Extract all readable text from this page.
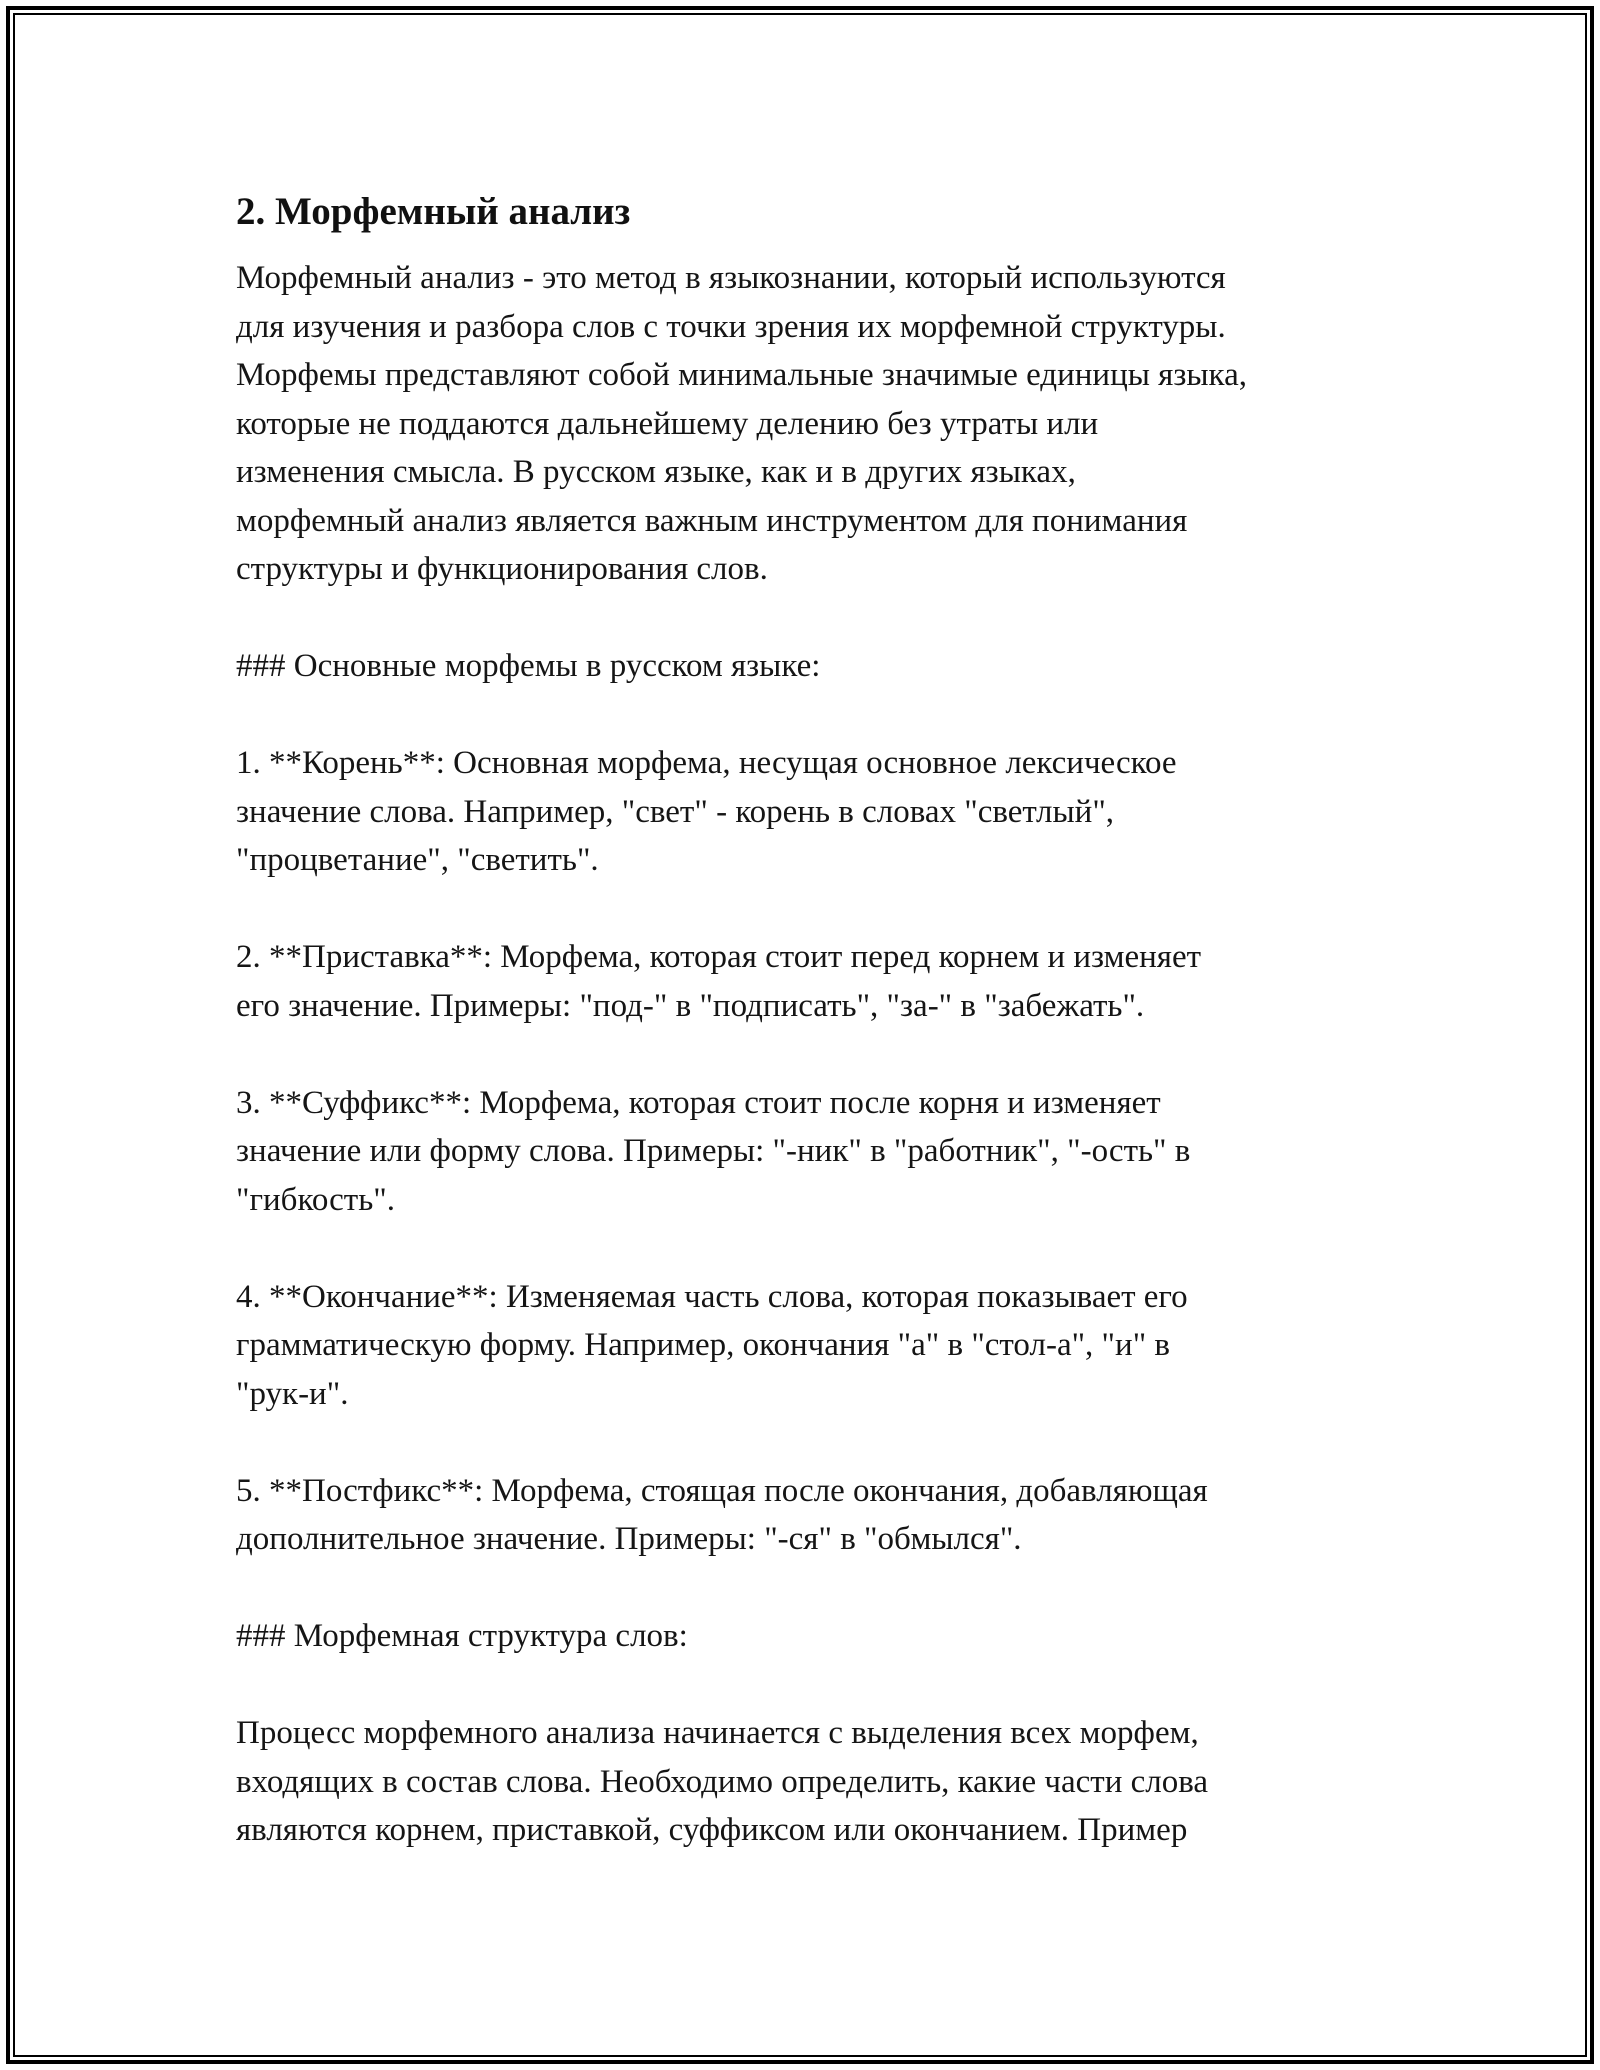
2. Морфемный анализ

Морфемный анализ - это метод в языкознании, который используются
для изучения и разбора слов с точки зрения их морфемной структуры.
Морфемы представляют собой минимальные значимые единицы языка,
которые не поддаются дальнейшему делению без утраты или
изменения смысла. В русском языке, как и в других языках,
морфемный анализ является важным инструментом для понимания
структуры и функционирования слов.

### Основные морфемы в русском языке:

1. **Корень**: Основная морфема, несущая основное лексическое
значение слова. Например, "свет" - корень в словах "светлый",
"процветание", "светить".

2. **Приставка**: Морфема, которая стоит перед корнем и изменяет
его значение. Примеры: "под-" в "подписать", "за-" в "забежать".

3. **Суффикс**: Морфема, которая стоит после корня и изменяет
значение или форму слова. Примеры: "-ник" в "работник", "-ость" в
"гибкость".

4. **Окончание**: Изменяемая часть слова, которая показывает его
грамматическую форму. Например, окончания "а" в "стол-а", "и" в
"рук-и".

5. **Постфикс**: Морфема, стоящая после окончания, добавляющая
дополнительное значение. Примеры: "-ся" в "обмылся".

### Морфемная структура слов:

Процесс морфемного анализа начинается с выделения всех морфем,
входящих в состав слова. Необходимо определить, какие части слова
являются корнем, приставкой, суффиксом или окончанием. Пример
